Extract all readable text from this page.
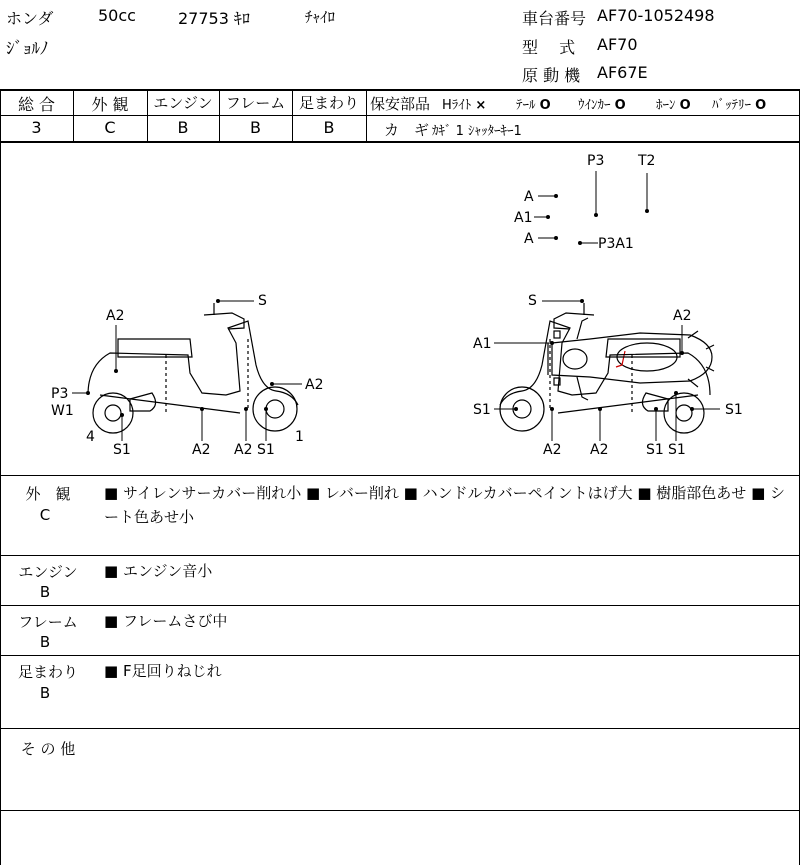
ホンダ	50cc	27753 ｷﾛ	ﾁｬｲﾛ
ｼﾞｮﾙﾉ
車台番号 AF70-1052498
型　 式 AF70
原 動 機 AF67E
総 合	外 観	エンジン フレーム 足まわり
3	C	B	B	B
保安部品 Hﾗｲﾄ × ﾃｰﾙ O ｳｲﾝｶｰ O ﾎｰﾝ O ﾊﾞｯﾃﾘｰ O
カ　ギ ｶｷﾞ 1 ｼｬｯﾀｰｷｰ1
P3 T2
A
A1
A	P3A1
S
A2
A2
P3
W1
4
S1	A2 A2 S1
1
S
A2
A1
S1	S1
A2 A2	S1 S1
外　観
C
■ サイレンサーカバー削れ小 ■ レバー削れ ■ ハンドルカバーペイントはげ大 ■ 樹脂部色あせ ■ シート色あせ小
エンジン
B
■ エンジン音小
フレーム
B
■ フレームさび中
足まわり
B
■ F足回りねじれ
そ の 他
